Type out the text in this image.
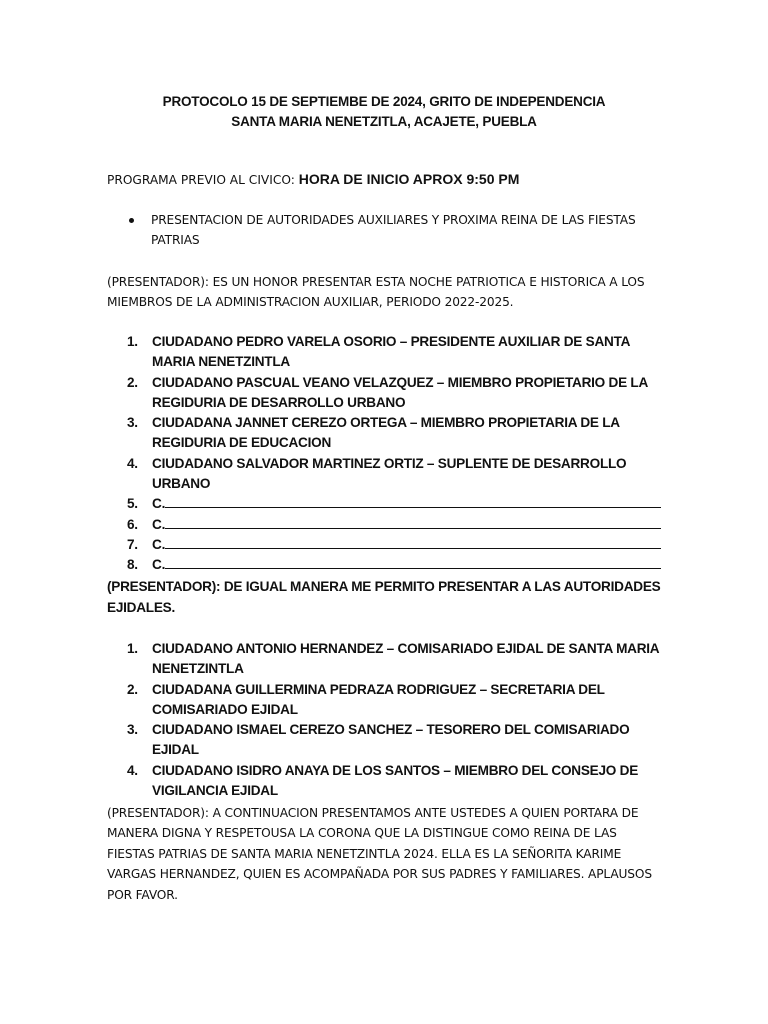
PROTOCOLO 15 DE SEPTIEMBE DE 2024, GRITO DE INDEPENDENCIA
SANTA MARIA NENETZITLA, ACAJETE, PUEBLA
PROGRAMA PREVIO AL CIVICO: HORA DE INICIO APROX 9:50 PM
PRESENTACION DE AUTORIDADES AUXILIARES Y PROXIMA REINA DE LAS FIESTAS PATRIAS
(PRESENTADOR): ES UN HONOR PRESENTAR ESTA NOCHE PATRIOTICA E HISTORICA A LOS MIEMBROS DE LA ADMINISTRACION AUXILIAR, PERIODO 2022-2025.
1. CIUDADANO PEDRO VARELA OSORIO – PRESIDENTE AUXILIAR DE SANTA MARIA NENETZINTLA
2. CIUDADANO PASCUAL VEANO VELAZQUEZ – MIEMBRO PROPIETARIO DE LA REGIDURIA DE DESARROLLO URBANO
3. CIUDADANA JANNET CEREZO ORTEGA – MIEMBRO PROPIETARIA DE LA REGIDURIA DE EDUCACION
4. CIUDADANO SALVADOR MARTINEZ ORTIZ – SUPLENTE DE DESARROLLO URBANO
5. C.
6. C.
7. C.
8. C.
(PRESENTADOR): DE IGUAL MANERA ME PERMITO PRESENTAR A LAS AUTORIDADES EJIDALES.
1. CIUDADANO ANTONIO HERNANDEZ – COMISARIADO EJIDAL DE SANTA MARIA NENETZINTLA
2. CIUDADANA GUILLERMINA PEDRAZA RODRIGUEZ – SECRETARIA DEL COMISARIADO EJIDAL
3. CIUDADANO ISMAEL CEREZO SANCHEZ – TESORERO DEL COMISARIADO EJIDAL
4. CIUDADANO ISIDRO ANAYA DE LOS SANTOS – MIEMBRO DEL CONSEJO DE VIGILANCIA EJIDAL
(PRESENTADOR): A CONTINUACION PRESENTAMOS ANTE USTEDES A QUIEN PORTARA DE MANERA DIGNA Y RESPETOUSA LA CORONA QUE LA DISTINGUE COMO REINA DE LAS FIESTAS PATRIAS DE SANTA MARIA NENETZINTLA 2024. ELLA ES LA SEÑORITA KARIME VARGAS HERNANDEZ, QUIEN ES ACOMPAÑADA POR SUS PADRES Y FAMILIARES. APLAUSOS POR FAVOR.
